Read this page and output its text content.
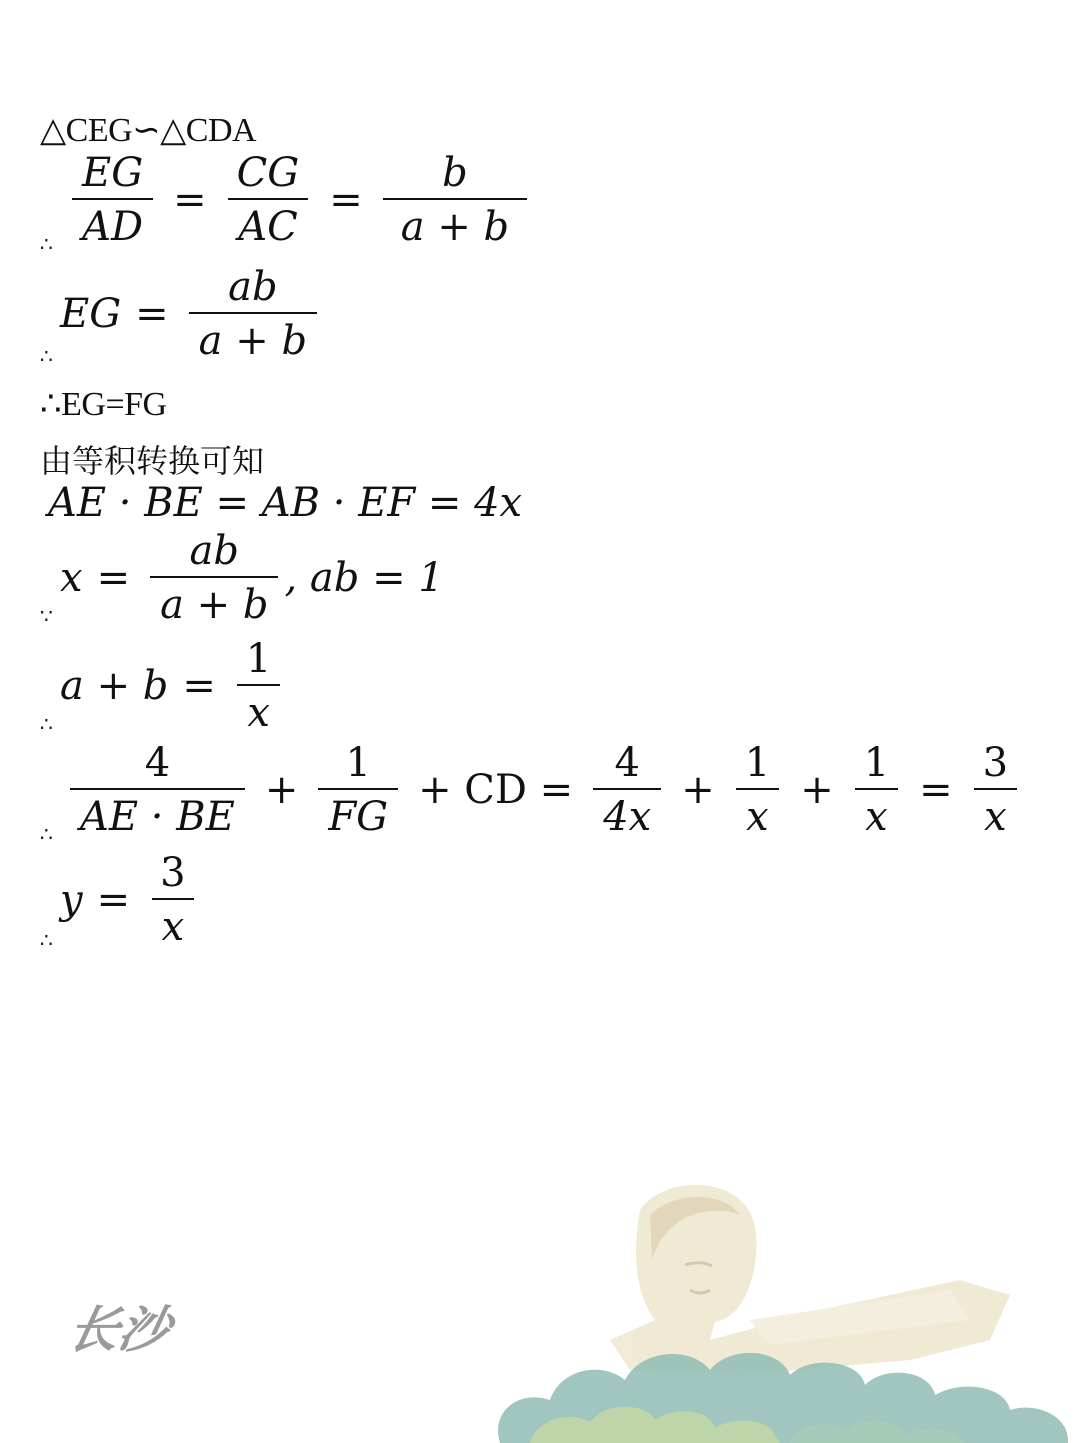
△CEG∽△CDA
∴ $\frac{EG}{AD} = \frac{CG}{AC} = \frac{b}{a + b}$
∴
EG = $\frac{ab}{a + b}$
∴EG=FG
由等积转换可知
AE · BE = AB · EF = 4x
∵
$x = \frac{ab}{a + b}$ , ab = 1
∴
$a + b = \frac{1}{x}$
∴ $\frac{4}{AE \cdot BE} + \frac{1}{FG}$ + CD = $\frac{4}{4x} + \frac{1}{x} + \frac{1}{x} = \frac{3}{x}$
∴
$y = \frac{3}{x}$
长沙
